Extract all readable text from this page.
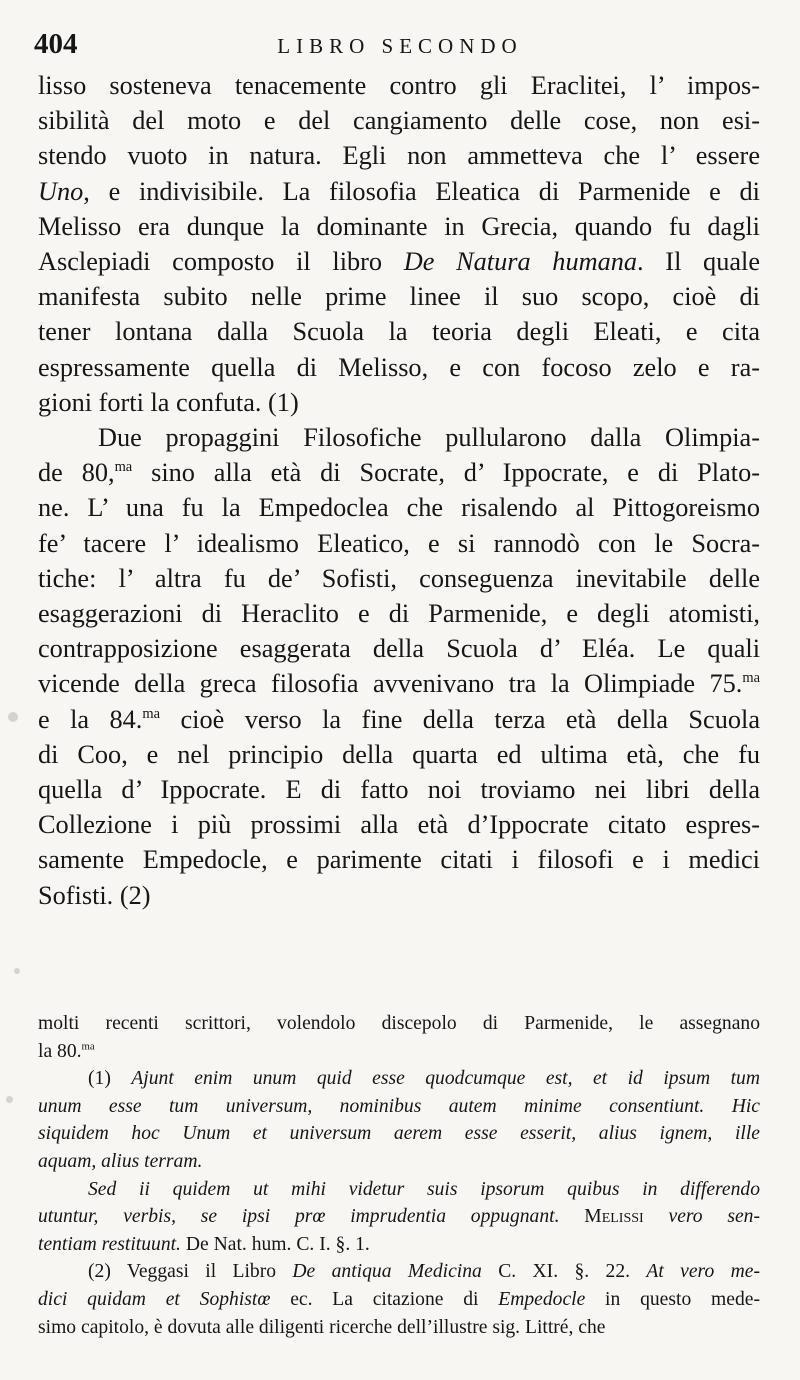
404	LIBRO SECONDO
lisso sosteneva tenacemente contro gli Eraclitei, l’ impos-
sibilità del moto e del cangiamento delle cose, non esi-
stendo vuoto in natura. Egli non ammetteva che l’ essere
Uno, e indivisibile. La filosofia Eleatica di Parmenide e di
Melisso era dunque la dominante in Grecia, quando fu dagli
Asclepiadi composto il libro De Natura humana. Il quale
manifesta subito nelle prime linee il suo scopo, cioè di
tener lontana dalla Scuola la teoria degli Eleati, e cita
espressamente quella di Melisso, e con focoso zelo e ra-
gioni forti la confuta. (1)
Due propaggini Filosofiche pullularono dalla Olimpia-
de 80,$^{ma}$ sino alla età di Socrate, d’ Ippocrate, e di Plato-
ne. L’ una fu la Empedoclea che risalendo al Pittogoreismo
fe’ tacere l’ idealismo Eleatico, e si rannodò con le Socra-
tiche: l’ altra fu de’ Sofisti, conseguenza inevitabile delle
esaggerazioni di Heraclito e di Parmenide, e degli atomisti,
contrapposizione esaggerata della Scuola d’ Eléa. Le quali
vicende della greca filosofia avvenivano tra la Olimpiade 75.$^{ma}$
e la 84.$^{ma}$ cioè verso la fine della terza età della Scuola
di Coo, e nel principio della quarta ed ultima età, che fu
quella d’ Ippocrate. E di fatto noi troviamo nei libri della
Collezione i più prossimi alla età d’Ippocrate citato espres-
samente Empedocle, e parimente citati i filosofi e i medici
Sofisti. (2)
molti recenti scrittori, volendolo discepolo di Parmenide, le assegnano
la 80.$^{ma}$
(1) Ajunt enim unum quid esse quodcumque est, et id ipsum tum
unum esse tum universum, nominibus autem minime consentiunt. Hic
siquidem hoc Unum et universum aerem esse esserit, alius ignem, ille
aquam, alius terram.
Sed ii quidem ut mihi videtur suis ipsorum quibus in differendo
utuntur, verbis, se ipsi prœ imprudentia oppugnant. Melissi vero sen-
tentiam restituunt. De Nat. hum. C. I. §. 1.
(2) Veggasi il Libro De antiqua Medicina C. XI. §. 22. At vero me-
dici quidam et Sophistœ ec. La citazione di Empedocle in questo mede-
simo capitolo, è dovuta alle diligenti ricerche dell’illustre sig. Littré, che
